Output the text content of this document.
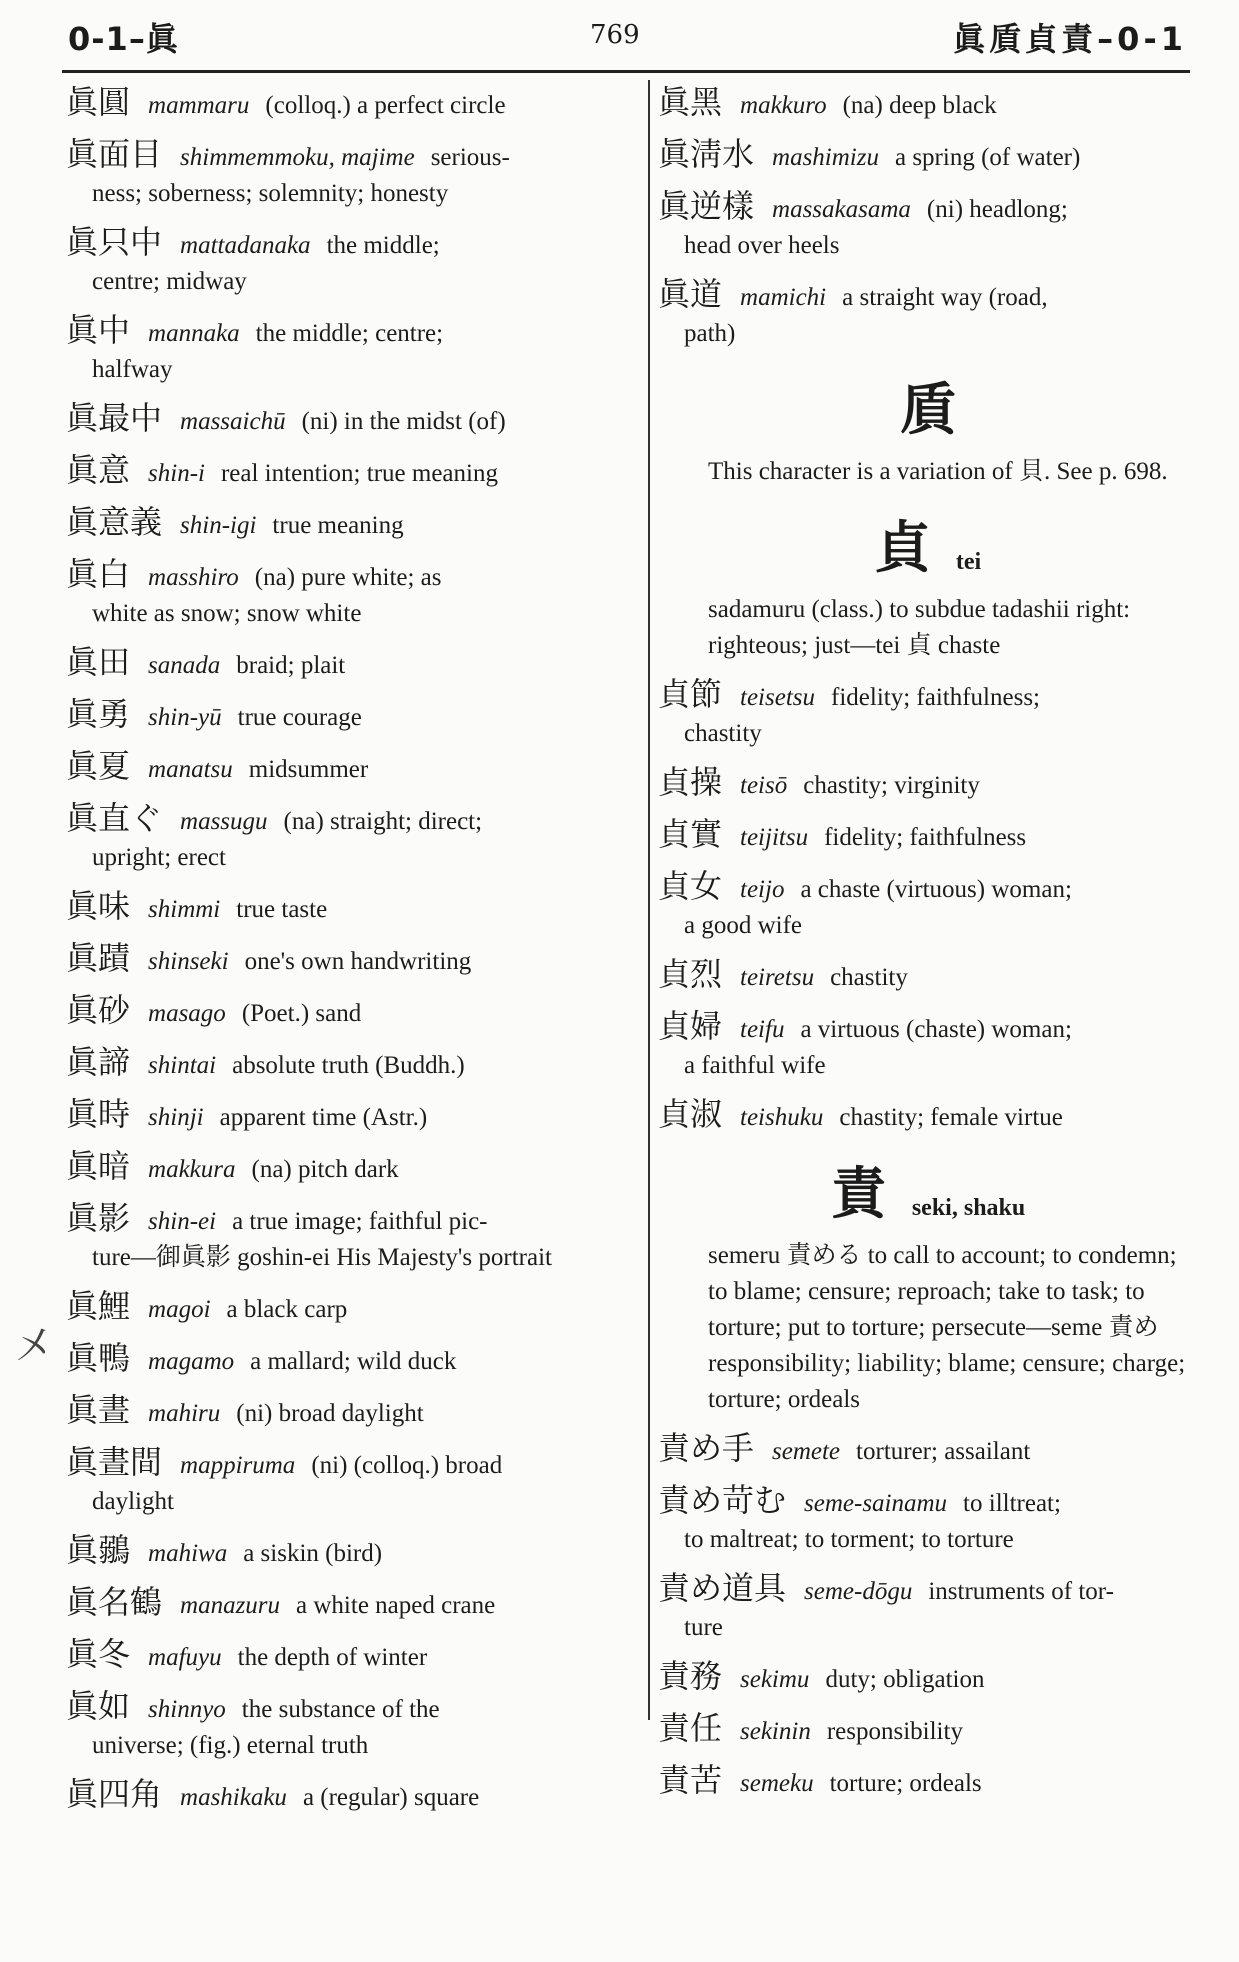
0-1–眞	769	眞貭貞責–0-1
㐅
眞圓 mammaru (colloq.) a perfect circle
眞面目 shimmemmoku, majime serious-
ness; soberness; solemnity; honesty
眞只中 mattadanaka the middle;
centre; midway
眞中 mannaka the middle; centre;
halfway
眞最中 massaichū (ni) in the midst (of)
眞意 shin-i real intention; true meaning
眞意義 shin-igi true meaning
眞白 masshiro (na) pure white; as
white as snow; snow white
眞田 sanada braid; plait
眞勇 shin-yū true courage
眞夏 manatsu midsummer
眞直ぐ massugu (na) straight; direct;
upright; erect
眞味 shimmi true taste
眞蹟 shinseki one's own handwriting
眞砂 masago (Poet.) sand
眞諦 shintai absolute truth (Buddh.)
眞時 shinji apparent time (Astr.)
眞暗 makkura (na) pitch dark
眞影 shin-ei a true image; faithful pic-
ture—御眞影 goshin-ei His Majesty's portrait
眞鯉 magoi a black carp
眞鴨 magamo a mallard; wild duck
眞晝 mahiru (ni) broad daylight
眞晝間 mappiruma (ni) (colloq.) broad
daylight
眞鶸 mahiwa a siskin (bird)
眞名鶴 manazuru a white naped crane
眞冬 mafuyu the depth of winter
眞如 shinnyo the substance of the
universe; (fig.) eternal truth
眞四角 mashikaku a (regular) square
眞黑 makkuro (na) deep black
眞淸水 mashimizu a spring (of water)
眞逆樣 massakasama (ni) headlong;
head over heels
眞道 mamichi a straight way (road,
path)
貭
This character is a variation of 貝. See p. 698.
貞 tei
sadamuru (class.) to subdue tadashii right: righteous; just—tei 貞 chaste
貞節 teisetsu fidelity; faithfulness;
chastity
貞操 teisō chastity; virginity
貞實 teijitsu fidelity; faithfulness
貞女 teijo a chaste (virtuous) woman;
a good wife
貞烈 teiretsu chastity
貞婦 teifu a virtuous (chaste) woman;
a faithful wife
貞淑 teishuku chastity; female virtue
責 seki, shaku
semeru 責める to call to account; to condemn; to blame; censure; reproach; take to task; to torture; put to torture; persecute—seme 責め responsibility; liability; blame; censure; charge; torture; ordeals
責め手 semete torturer; assailant
責め苛む seme-sainamu to illtreat;
to maltreat; to torment; to torture
責め道具 seme-dōgu instruments of tor-
ture
責務 sekimu duty; obligation
責任 sekinin responsibility
責苦 semeku torture; ordeals
